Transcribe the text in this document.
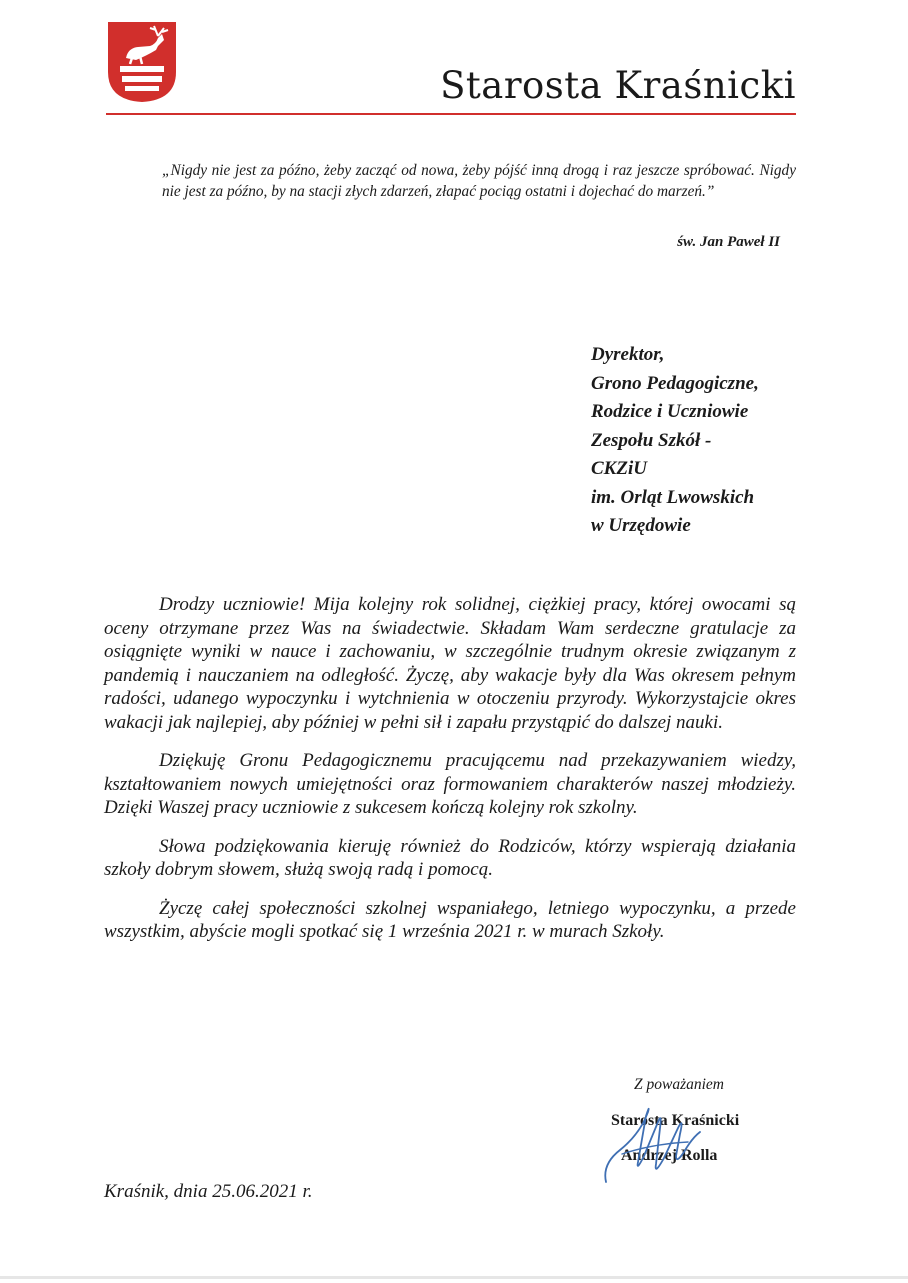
Starosta Kraśnicki
„Nigdy nie jest za późno, żeby zacząć od nowa, żeby pójść inną drogą i raz jeszcze spróbować. Nigdy nie jest za późno, by na stacji złych zdarzeń, złapać pociąg ostatni i dojechać do marzeń.”
św. Jan Paweł II
Dyrektor,
Grono Pedagogiczne,
Rodzice i Uczniowie
Zespołu Szkół -
CKZiU
im. Orląt Lwowskich
w Urzędowie

Drodzy uczniowie! Mija kolejny rok solidnej, ciężkiej pracy, której owocami są oceny otrzymane przez Was na świadectwie. Składam Wam serdeczne gratulacje za osiągnięte wyniki w nauce i zachowaniu, w szczególnie trudnym okresie związanym z pandemią i nauczaniem na odległość. Życzę, aby wakacje były dla Was okresem pełnym radości, udanego wypoczynku i wytchnienia w otoczeniu przyrody. Wykorzystajcie okres wakacji jak najlepiej, aby później w pełni sił i zapału przystąpić do dalszej nauki.

Dziękuję Gronu Pedagogicznemu pracującemu nad przekazywaniem wiedzy, kształtowaniem nowych umiejętności oraz formowaniem charakterów naszej młodzieży. Dzięki Waszej pracy uczniowie z sukcesem kończą kolejny rok szkolny.

Słowa podziękowania kieruję również do Rodziców, którzy wspierają działania szkoły dobrym słowem, służą swoją radą i pomocą.

Życzę całej społeczności szkolnej wspaniałego, letniego wypoczynku, a przede wszystkim, abyście mogli spotkać się 1 września 2021 r. w murach Szkoły.

Z poważaniem
Starosta Kraśnicki
Andrzej Rolla
Kraśnik, dnia 25.06.2021 r.
